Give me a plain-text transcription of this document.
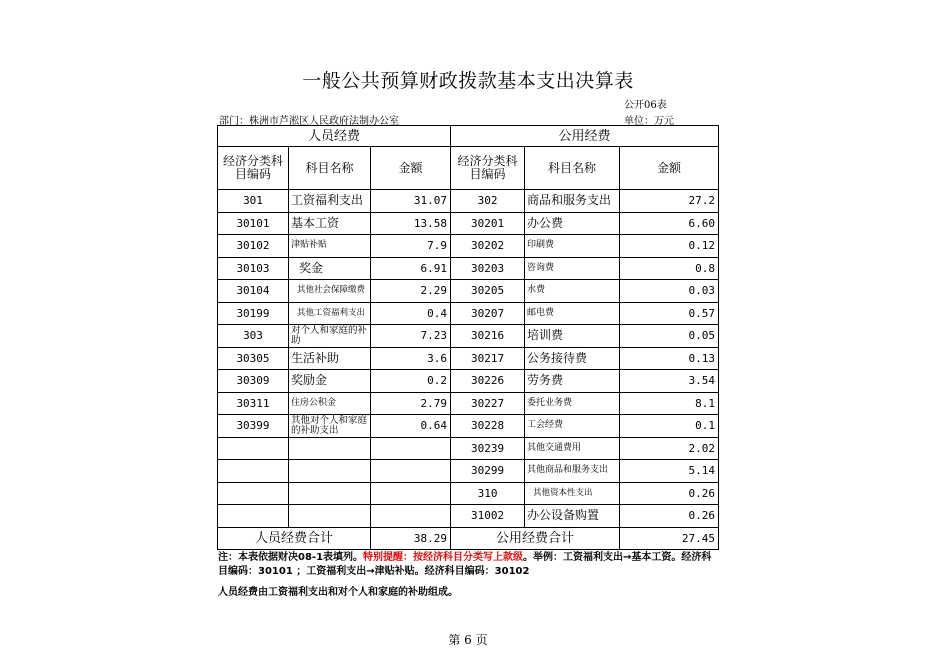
一般公共预算财政拨款基本支出决算表
公开06表
部门：株洲市芦淞区人民政府法制办公室	单位：万元
人员经费			公用经费		
经济分类科目编码	科目名称	金额	经济分类科目编码	科目名称	金额
301	工资福利支出	31.07	302	商品和服务支出	27.2
30101	基本工资	13.58	30201	办公费	6.60
30102	津贴补贴	7.9	30202	印刷费	0.12
30103	奖金	6.91	30203	咨询费	0.8
30104	其他社会保障缴费	2.29	30205	水费	0.03
30199	其他工资福利支出	0.4	30207	邮电费	0.57
303	对个人和家庭的补助	7.23	30216	培训费	0.05
30305	生活补助	3.6	30217	公务接待费	0.13
30309	奖励金	0.2	30226	劳务费	3.54
30311	住房公积金	2.79	30227	委托业务费	8.1
30399	其他对个人和家庭的补助支出	0.64	30228	工会经费	0.1
			30239	其他交通费用	2.02
			30299	其他商品和服务支出	5.14
			310	其他资本性支出	0.26
			31002	办公设备购置	0.26
人员经费合计		38.29	公用经费合计		27.45
注：本表依据财决08-1表填列。特别提醒：按经济科目分类写上款级。举例：工资福利支出→基本工资。经济科目编码：30101 ；工资福利支出→津贴补贴。经济科目编码：30102
人员经费由工资福利支出和对个人和家庭的补助组成。
第 6 页
